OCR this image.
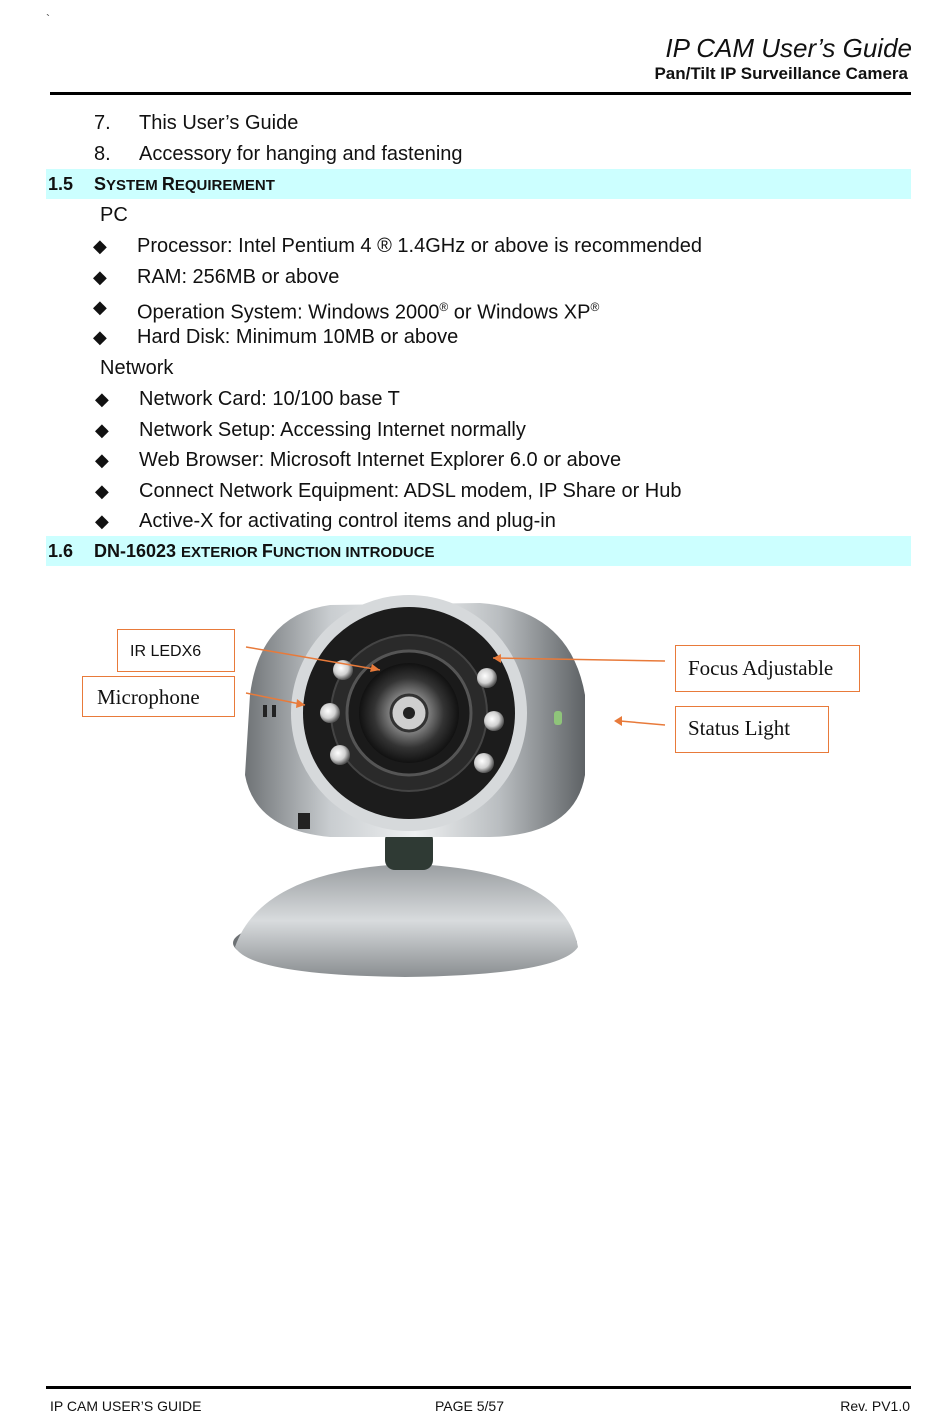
`
IP CAM User’s Guide
Pan/Tilt IP Surveillance Camera
7. This User’s Guide
8. Accessory for hanging and fastening
1.5 SYSTEM REQUIREMENT
PC
◆ Processor: Intel Pentium 4 ® 1.4GHz or above is recommended
◆ RAM: 256MB or above
◆ Operation System: Windows 2000® or Windows XP®
◆ Hard Disk: Minimum 10MB or above
Network
◆ Network Card: 10/100 base T
◆ Network Setup: Accessing Internet normally
◆ Web Browser: Microsoft Internet Explorer 6.0 or above
◆ Connect Network Equipment: ADSL modem, IP Share or Hub
◆ Active-X for activating control items and plug-in
1.6 DN-16023 EXTERIOR FUNCTION INTRODUCE
IR LEDX6
Microphone
Focus Adjustable
Status Light
IP CAM USER’S GUIDE	PAGE 5/57	Rev. PV1.0
